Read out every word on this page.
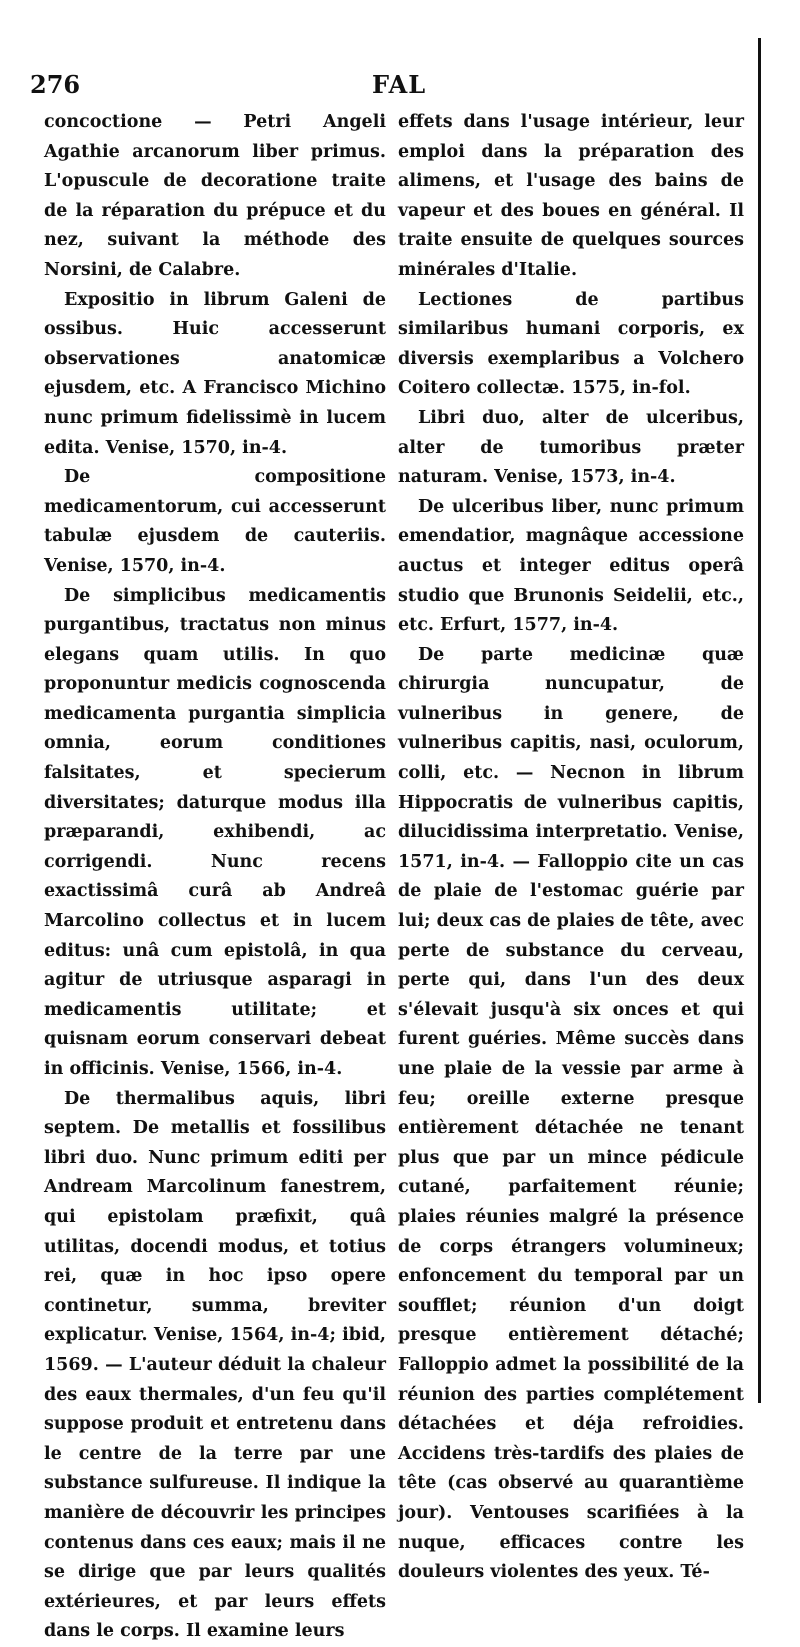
276	FAL

concoctione — Petri Angeli Agathie arcanorum liber primus. L'opuscule de decoratione traite de la réparation du prépuce et du nez, suivant la méthode des Norsini, de Calabre.

Expositio in librum Galeni de ossibus. Huic accesserunt observationes anatomicæ ejusdem, etc. A Francisco Michino nunc primum fidelissimè in lucem edita. Venise, 1570, in-4.

De compositione medicamentorum, cui accesserunt tabulæ ejusdem de cauteriis. Venise, 1570, in-4.

De simplicibus medicamentis purgantibus, tractatus non minus elegans quam utilis. In quo proponuntur medicis cognoscenda medicamenta purgantia simplicia omnia, eorum conditiones falsitates, et specierum diversitates; daturque modus illa præparandi, exhibendi, ac corrigendi. Nunc recens exactissimâ curâ ab Andreâ Marcolino collectus et in lucem editus: unâ cum epistolâ, in qua agitur de utriusque asparagi in medicamentis utilitate; et quisnam eorum conservari debeat in officinis. Venise, 1566, in-4.

De thermalibus aquis, libri septem. De metallis et fossilibus libri duo. Nunc primum editi per Andream Marcolinum fanestrem, qui epistolam præfixit, quâ utilitas, docendi modus, et totius rei, quæ in hoc ipso opere continetur, summa, breviter explicatur. Venise, 1564, in-4; ibid, 1569. — L'auteur déduit la chaleur des eaux thermales, d'un feu qu'il suppose produit et entretenu dans le centre de la terre par une substance sulfureuse. Il indique la manière de découvrir les principes contenus dans ces eaux; mais il ne se dirige que par leurs qualités extérieures, et par leurs effets dans le corps. Il examine leurs

effets dans l'usage intérieur, leur emploi dans la préparation des alimens, et l'usage des bains de vapeur et des boues en général. Il traite ensuite de quelques sources minérales d'Italie.

Lectiones de partibus similaribus humani corporis, ex diversis exemplaribus a Volchero Coitero collectæ. 1575, in-fol.

Libri duo, alter de ulceribus, alter de tumoribus præter naturam. Venise, 1573, in-4.

De ulceribus liber, nunc primum emendatior, magnâque accessione auctus et integer editus operâ studio que Brunonis Seidelii, etc., etc. Erfurt, 1577, in-4.

De parte medicinæ quæ chirurgia nuncupatur, de vulneribus in genere, de vulneribus capitis, nasi, oculorum, colli, etc. — Necnon in librum Hippocratis de vulneribus capitis, dilucidissima interpretatio. Venise, 1571, in-4. — Falloppio cite un cas de plaie de l'estomac guérie par lui; deux cas de plaies de tête, avec perte de substance du cerveau, perte qui, dans l'un des deux s'élevait jusqu'à six onces et qui furent guéries. Même succès dans une plaie de la vessie par arme à feu; oreille externe presque entièrement détachée ne tenant plus que par un mince pédicule cutané, parfaitement réunie; plaies réunies malgré la présence de corps étrangers volumineux; enfoncement du temporal par un soufflet; réunion d'un doigt presque entièrement détaché; Falloppio admet la possibilité de la réunion des parties complétement détachées et déja refroidies. Accidens très-tardifs des plaies de tête (cas observé au quarantième jour). Ventouses scarifiées à la nuque, efficaces contre les douleurs violentes des yeux. Té-
